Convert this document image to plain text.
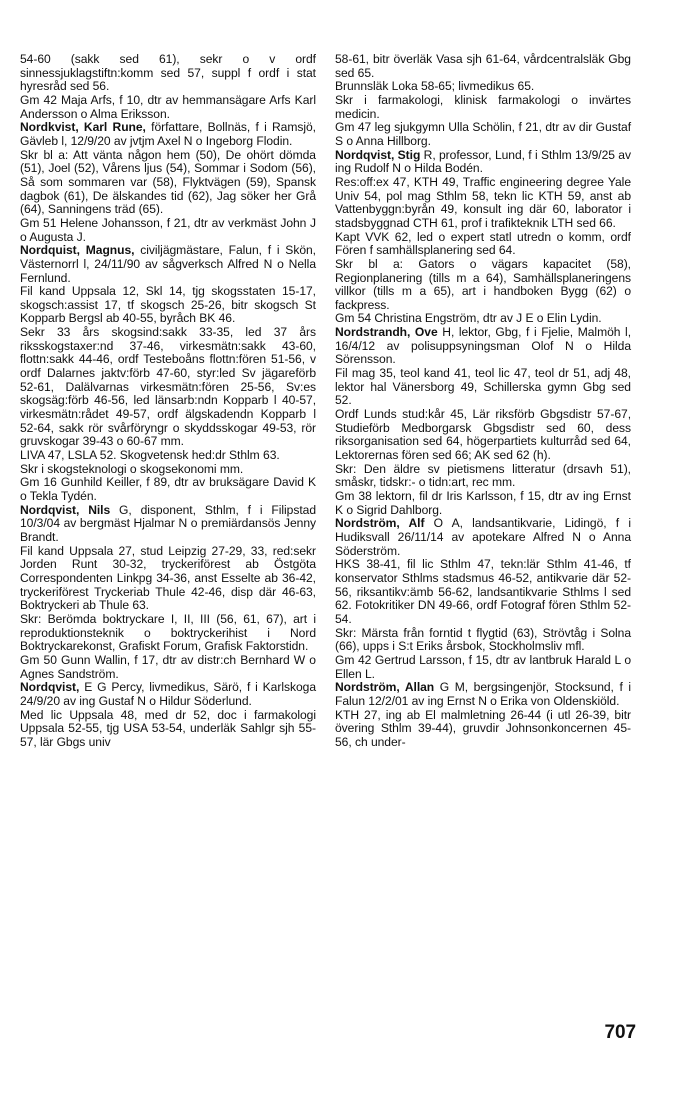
54-60 (sakk sed 61), sekr o v ordf sinnessjuklagstiftn:komm sed 57, suppl f ordf i stat hyresråd sed 56.

Gm 42 Maja Arfs, f 10, dtr av hemmansägare Arfs Karl Andersson o Alma Eriksson.

Nordkvist, Karl Rune, författare, Bollnäs, f i Ramsjö, Gävleb l, 12/9/20 av jvtjm Axel N o Ingeborg Flodin.

Skr bl a: Att vänta någon hem (50), De ohört dömda (51), Joel (52), Vårens ljus (54), Sommar i Sodom (56), Så som sommaren var (58), Flyktvägen (59), Spansk dagbok (61), De älskandes tid (62), Jag söker her Grå (64), Sanningens träd (65).

Gm 51 Helene Johansson, f 21, dtr av verkmäst John J o Augusta J.

Nordquist, Magnus, civiljägmästare, Falun, f i Skön, Västernorrl l, 24/11/90 av sågverksch Alfred N o Nella Fernlund.

Fil kand Uppsala 12, Skl 14, tjg skogsstaten 15-17, skogsch:assist 17, tf skogsch 25-26, bitr skogsch St Kopparb Bergsl ab 40-55, byråch BK 46.

Sekr 33 års skogsind:sakk 33-35, led 37 års riksskogstaxer:nd 37-46, virkesmätn:sakk 43-60, flottn:sakk 44-46, ordf Testeboåns flottn:fören 51-56, v ordf Dalarnes jaktv:förb 47-60, styr:led Sv jägareförb 52-61, Dalälvarnas virkesmätn:fören 25-56, Sv:es skogsäg:förb 46-56, led länsarb:ndn Kopparb l 40-57, virkesmätn:rådet 49-57, ordf älgskadendn Kopparb l 52-64, sakk rör svårföryngr o skyddsskogar 49-53, rör gruvskogar 39-43 o 60-67 mm.

LIVA 47, LSLA 52. Skogvetensk hed:dr Sthlm 63.

Skr i skogsteknologi o skogsekonomi mm.

Gm 16 Gunhild Keiller, f 89, dtr av bruksägare David K o Tekla Tydén.

Nordqvist, Nils G, disponent, Sthlm, f i Filipstad 10/3/04 av bergmäst Hjalmar N o premiärdansös Jenny Brandt.

Fil kand Uppsala 27, stud Leipzig 27-29, 33, red:sekr Jorden Runt 30-32, tryckeriförest ab Östgöta Correspondenten Linkpg 34-36, anst Esselte ab 36-42, tryckeriförest Tryckeriab Thule 42-46, disp där 46-63, Boktryckeri ab Thule 63.

Skr: Berömda boktryckare I, II, III (56, 61, 67), art i reproduktionsteknik o boktryckerihist i Nord Boktryckarekonst, Grafiskt Forum, Grafisk Faktorstidn.

Gm 50 Gunn Wallin, f 17, dtr av distr:ch Bernhard W o Agnes Sandström.

Nordqvist, E G Percy, livmedikus, Särö, f i Karlskoga 24/9/20 av ing Gustaf N o Hildur Söderlund.

Med lic Uppsala 48, med dr 52, doc i farmakologi Uppsala 52-55, tjg USA 53-54, underläk Sahlgr sjh 55-57, lär Gbgs univ

58-61, bitr överläk Vasa sjh 61-64, vårdcentralsläk Gbg sed 65.

Brunnsläk Loka 58-65; livmedikus 65.

Skr i farmakologi, klinisk farmakologi o invärtes medicin.

Gm 47 leg sjukgymn Ulla Schölin, f 21, dtr av dir Gustaf S o Anna Hillborg.

Nordqvist, Stig R, professor, Lund, f i Sthlm 13/9/25 av ing Rudolf N o Hilda Bodén.

Res:off:ex 47, KTH 49, Traffic engineering degree Yale Univ 54, pol mag Sthlm 58, tekn lic KTH 59, anst ab Vattenbyggn:byrån 49, konsult ing där 60, laborator i stadsbyggnad CTH 61, prof i trafikteknik LTH sed 66.

Kapt VVK 62, led o expert statl utredn o komm, ordf Fören f samhällsplanering sed 64.

Skr bl a: Gators o vägars kapacitet (58), Regionplanering (tills m a 64), Samhällsplaneringens villkor (tills m a 65), art i handboken Bygg (62) o fackpress.

Gm 54 Christina Engström, dtr av J E o Elin Lydin.

Nordstrandh, Ove H, lektor, Gbg, f i Fjelie, Malmöh l, 16/4/12 av polisuppsyningsman Olof N o Hilda Sörensson.

Fil mag 35, teol kand 41, teol lic 47, teol dr 51, adj 48, lektor hal Vänersborg 49, Schillerska gymn Gbg sed 52.

Ordf Lunds stud:kår 45, Lär riksförb Gbgsdistr 57-67, Studieförb Medborgarsk Gbgsdistr sed 60, dess riksorganisation sed 64, högerpartiets kulturråd sed 64, Lektorernas fören sed 66; AK sed 62 (h).

Skr: Den äldre sv pietismens litteratur (drsavh 51), småskr, tidskr:- o tidn:art, rec mm.

Gm 38 lektorn, fil dr Iris Karlsson, f 15, dtr av ing Ernst K o Sigrid Dahlborg.

Nordström, Alf O A, landsantikvarie, Lidingö, f i Hudiksvall 26/11/14 av apotekare Alfred N o Anna Söderström.

HKS 38-41, fil lic Sthlm 47, tekn:lär Sthlm 41-46, tf konservator Sthlms stadsmus 46-52, antikvarie där 52-56, riksantikv:ämb 56-62, landsantikvarie Sthlms l sed 62. Fotokritiker DN 49-66, ordf Fotograf fören Sthlm 52-54.

Skr: Märsta från forntid t flygtid (63), Strövtåg i Solna (66), upps i S:t Eriks årsbok, Stockholmsliv mfl.

Gm 42 Gertrud Larsson, f 15, dtr av lantbruk Harald L o Ellen L.

Nordström, Allan G M, bergsingenjör, Stocksund, f i Falun 12/2/01 av ing Ernst N o Erika von Oldenskiöld.

KTH 27, ing ab El malmletning 26-44 (i utl 26-39, bitr övering Sthlm 39-44), gruvdir Johnsonkoncernen 45-56, ch under-

707
